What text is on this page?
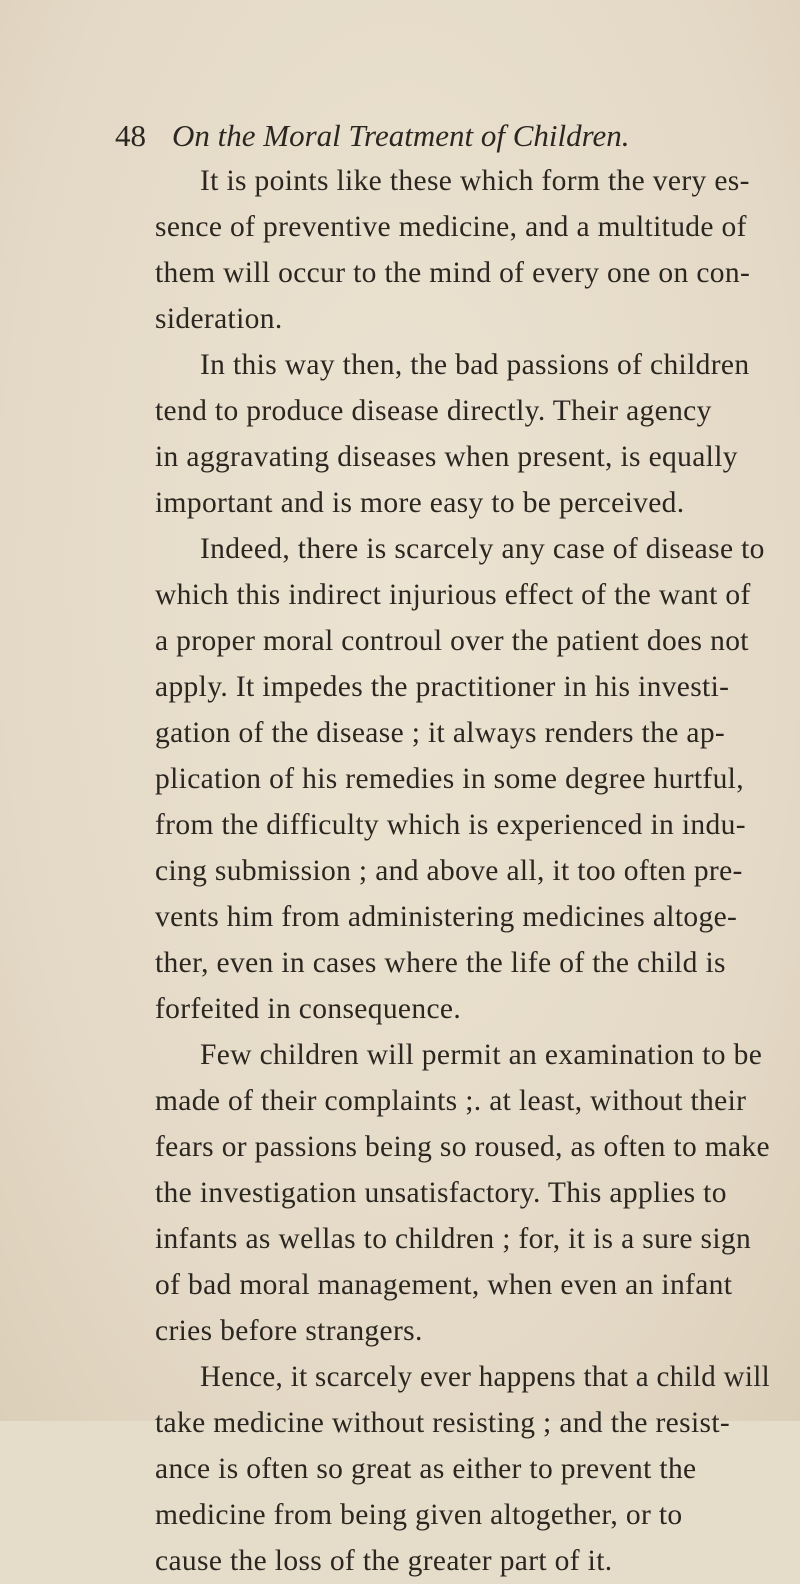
48 On the Moral Treatment of Children.
It is points like these which form the very es-
sence of preventive medicine, and a multitude of
them will occur to the mind of every one on con-
sideration.
In this way then, the bad passions of children
tend to produce disease directly. Their agency
in aggravating diseases when present, is equally
important and is more easy to be perceived.
Indeed, there is scarcely any case of disease to
which this indirect injurious effect of the want of
a proper moral controul over the patient does not
apply. It impedes the practitioner in his investi-
gation of the disease ; it always renders the ap-
plication of his remedies in some degree hurtful,
from the difficulty which is experienced in indu-
cing submission ; and above all, it too often pre-
vents him from administering medicines altoge-
ther, even in cases where the life of the child is
forfeited in consequence.
Few children will permit an examination to be
made of their complaints ;. at least, without their
fears or passions being so roused, as often to make
the investigation unsatisfactory. This applies to
infants as wellas to children ; for, it is a sure sign
of bad moral management, when even an infant
cries before strangers.
Hence, it scarcely ever happens that a child will
take medicine without resisting ; and the resist-
ance is often so great as either to prevent the
medicine from being given altogether, or to
cause the loss of the greater part of it.
